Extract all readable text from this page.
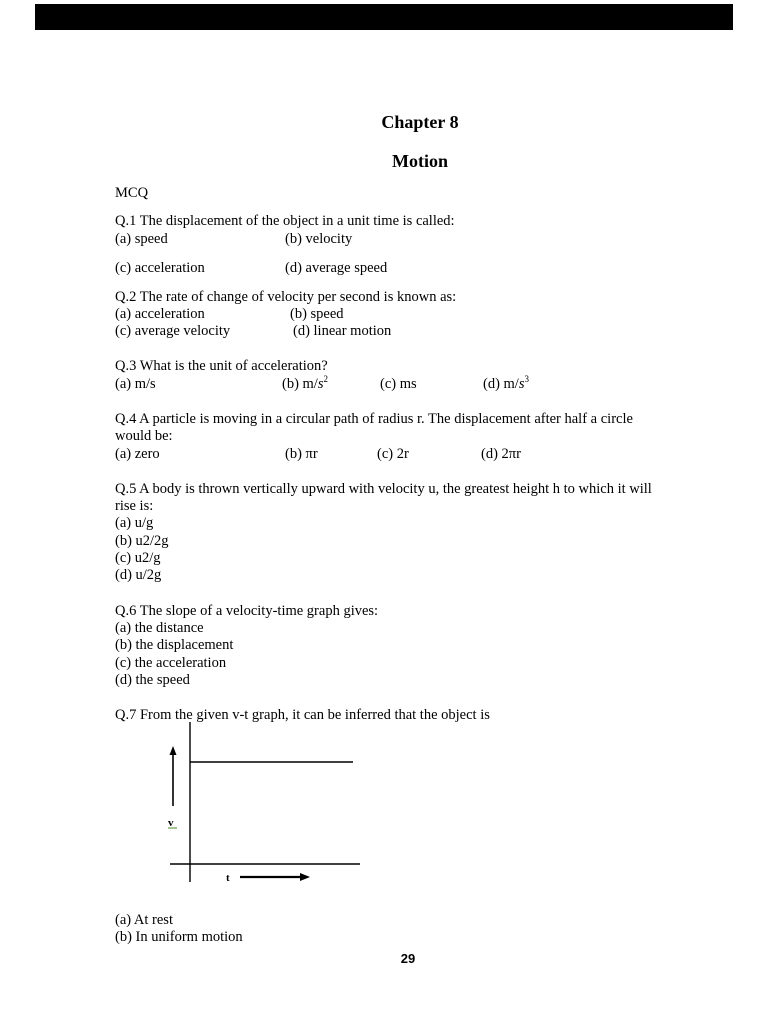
Chapter 8
Motion
MCQ
Q.1 The displacement of the object in a unit time is called:
(a) speed	(b) velocity
(c) acceleration	(d) average speed
Q.2 The rate of change of velocity per second is known as:
(a) acceleration	(b) speed
(c) average velocity	(d) linear motion
Q.3 What is the unit of acceleration?
(a) m/s	(b) $m/s^2$	(c) ms	(d) $m/s^3$
Q.4 A particle is moving in a circular path of radius r. The displacement after half a circle
would be:
(a) zero	(b) πr	(c) 2r	(d) 2πr
Q.5 A body is thrown vertically upward with velocity u, the greatest height h to which it will
rise is:
(a) u/g
(b) u2/2g
(c) u2/g
(d) u/2g
Q.6 The slope of a velocity-time graph gives:
(a) the distance
(b) the displacement
(c) the acceleration
(d) the speed
Q.7 From the given v-t graph, it can be inferred that the object is
v
t
(a) At rest
(b) In uniform motion
29
